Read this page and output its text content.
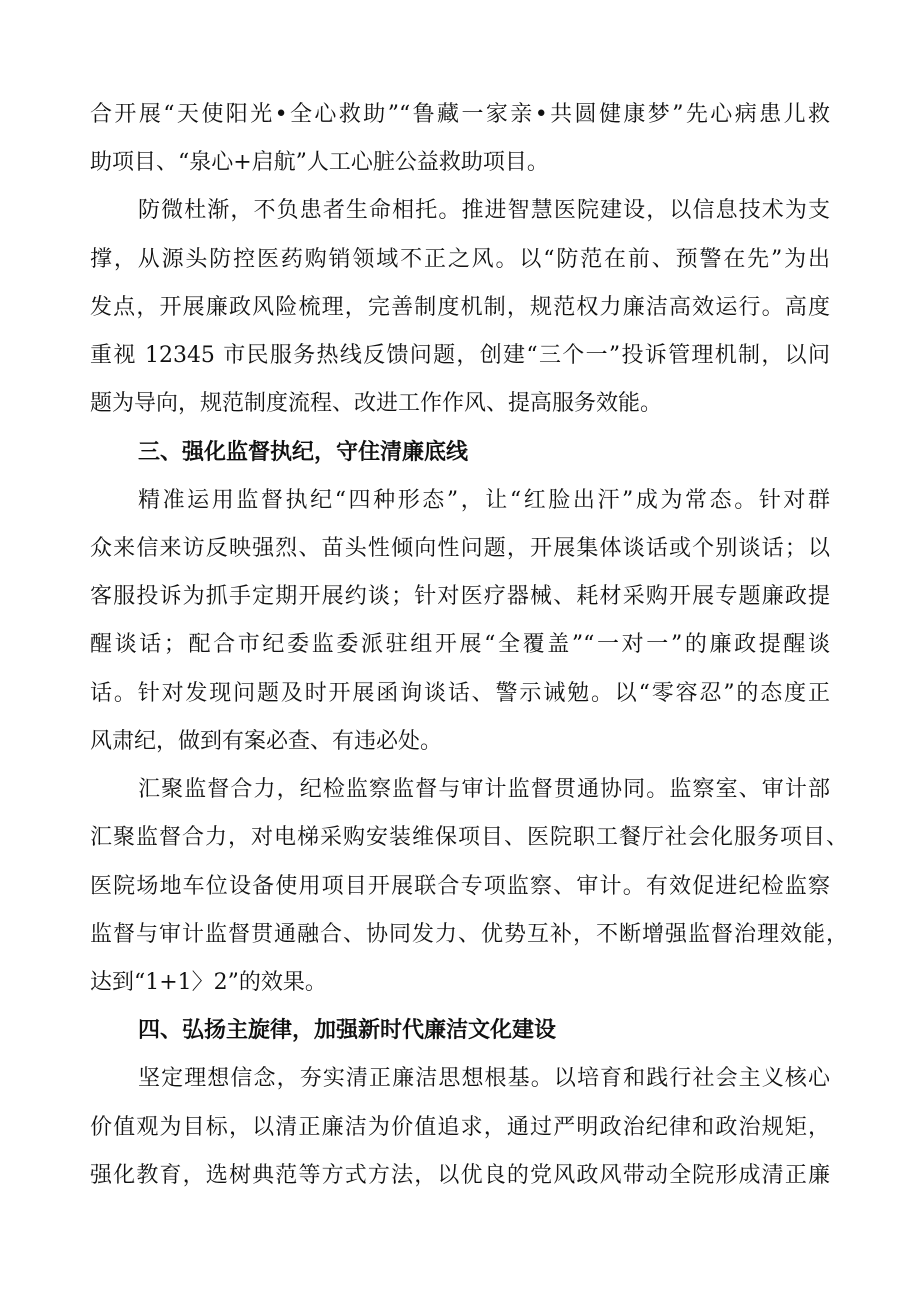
合开展“天使阳光•全心救助”“鲁藏一家亲•共圆健康梦”先心病患儿救
助项目、“泉心+启航”人工心脏公益救助项目。
防微杜渐，不负患者生命相托。推进智慧医院建设，以信息技术为支
撑，从源头防控医药购销领域不正之风。以“防范在前、预警在先”为出
发点，开展廉政风险梳理，完善制度机制，规范权力廉洁高效运行。高度
重视 12345 市民服务热线反馈问题，创建“三个一”投诉管理机制，以问
题为导向，规范制度流程、改进工作作风、提高服务效能。
三、强化监督执纪，守住清廉底线
精准运用监督执纪“四种形态”，让“红脸出汗”成为常态。针对群
众来信来访反映强烈、苗头性倾向性问题，开展集体谈话或个别谈话；以
客服投诉为抓手定期开展约谈；针对医疗器械、耗材采购开展专题廉政提
醒谈话；配合市纪委监委派驻组开展“全覆盖”“一对一”的廉政提醒谈
话。针对发现问题及时开展函询谈话、警示诫勉。以“零容忍”的态度正
风肃纪，做到有案必查、有违必处。
汇聚监督合力，纪检监察监督与审计监督贯通协同。监察室、审计部
汇聚监督合力，对电梯采购安装维保项目、医院职工餐厅社会化服务项目、
医院场地车位设备使用项目开展联合专项监察、审计。有效促进纪检监察
监督与审计监督贯通融合、协同发力、优势互补，不断增强监督治理效能，
达到“1+1〉2”的效果。
四、弘扬主旋律，加强新时代廉洁文化建设
坚定理想信念，夯实清正廉洁思想根基。以培育和践行社会主义核心
价值观为目标，以清正廉洁为价值追求，通过严明政治纪律和政治规矩，
强化教育，选树典范等方式方法，以优良的党风政风带动全院形成清正廉
